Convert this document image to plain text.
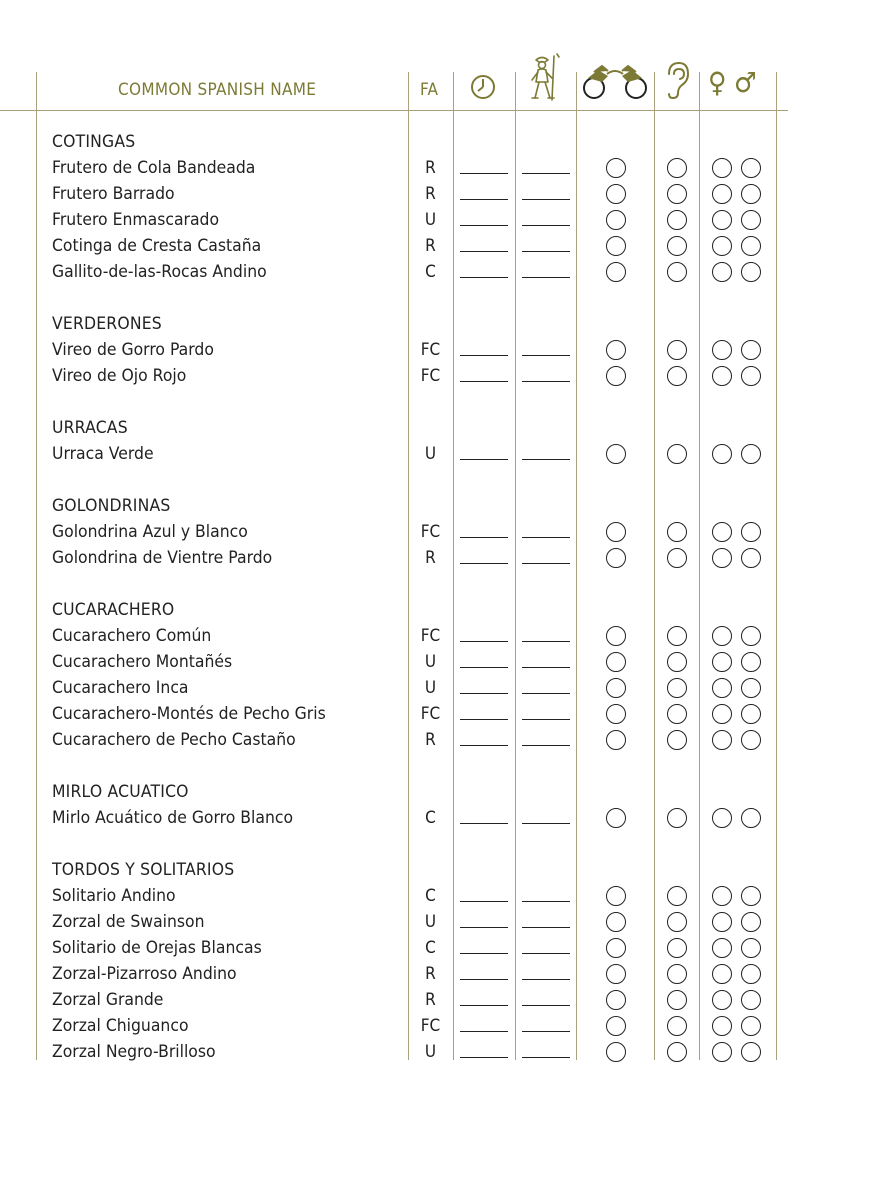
COMMON SPANISH NAME	FA	♀ ♂
COTINGAS
Frutero de Cola Bandeada	R
Frutero Barrado	R
Frutero Enmascarado	U
Cotinga de Cresta Castaña	R
Gallito-de-las-Rocas Andino	C
VERDERONES
Vireo de Gorro Pardo	FC
Vireo de Ojo Rojo	FC
URRACAS
Urraca Verde	U
GOLONDRINAS
Golondrina Azul y Blanco	FC
Golondrina de Vientre Pardo	R
CUCARACHERO
Cucarachero Común	FC
Cucarachero Montañés	U
Cucarachero Inca	U
Cucarachero-Montés de Pecho Gris	FC
Cucarachero de Pecho Castaño	R
MIRLO ACUATICO
Mirlo Acuático de Gorro Blanco	C
TORDOS Y SOLITARIOS
Solitario Andino	C
Zorzal de Swainson	U
Solitario de Orejas Blancas	C
Zorzal-Pizarroso Andino	R
Zorzal Grande	R
Zorzal Chiguanco	FC
Zorzal Negro-Brilloso	U
